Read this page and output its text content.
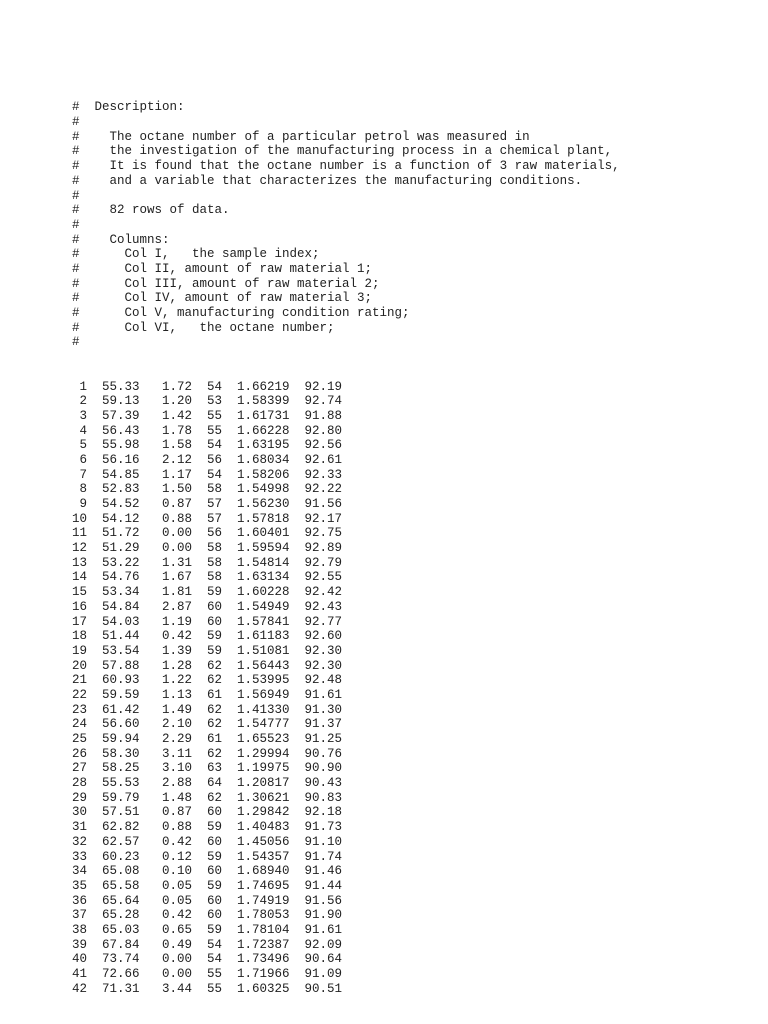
#  Description:
#
#    The octane number of a particular petrol was measured in
#    the investigation of the manufacturing process in a chemical plant,
#    It is found that the octane number is a function of 3 raw materials,
#    and a variable that characterizes the manufacturing conditions.
#
#    82 rows of data.
#
#    Columns:
#      Col I,   the sample index;
#      Col II, amount of raw material 1;
#      Col III, amount of raw material 2;
#      Col IV, amount of raw material 3;
#      Col V, manufacturing condition rating;
#      Col VI,   the octane number;
#

1  55.33   1.72  54  1.66219  92.19
2  59.13   1.20  53  1.58399  92.74
3  57.39   1.42  55  1.61731  91.88
4  56.43   1.78  55  1.66228  92.80
5  55.98   1.58  54  1.63195  92.56
6  56.16   2.12  56  1.68034  92.61
7  54.85   1.17  54  1.58206  92.33
8  52.83   1.50  58  1.54998  92.22
9  54.52   0.87  57  1.56230  91.56
10  54.12   0.88  57  1.57818  92.17
11  51.72   0.00  56  1.60401  92.75
12  51.29   0.00  58  1.59594  92.89
13  53.22   1.31  58  1.54814  92.79
14  54.76   1.67  58  1.63134  92.55
15  53.34   1.81  59  1.60228  92.42
16  54.84   2.87  60  1.54949  92.43
17  54.03   1.19  60  1.57841  92.77
18  51.44   0.42  59  1.61183  92.60
19  53.54   1.39  59  1.51081  92.30
20  57.88   1.28  62  1.56443  92.30
21  60.93   1.22  62  1.53995  92.48
22  59.59   1.13  61  1.56949  91.61
23  61.42   1.49  62  1.41330  91.30
24  56.60   2.10  62  1.54777  91.37
25  59.94   2.29  61  1.65523  91.25
26  58.30   3.11  62  1.29994  90.76
27  58.25   3.10  63  1.19975  90.90
28  55.53   2.88  64  1.20817  90.43
29  59.79   1.48  62  1.30621  90.83
30  57.51   0.87  60  1.29842  92.18
31  62.82   0.88  59  1.40483  91.73
32  62.57   0.42  60  1.45056  91.10
33  60.23   0.12  59  1.54357  91.74
34  65.08   0.10  60  1.68940  91.46
35  65.58   0.05  59  1.74695  91.44
36  65.64   0.05  60  1.74919  91.56
37  65.28   0.42  60  1.78053  91.90
38  65.03   0.65  59  1.78104  91.61
39  67.84   0.49  54  1.72387  92.09
40  73.74   0.00  54  1.73496  90.64
41  72.66   0.00  55  1.71966  91.09
42  71.31   3.44  55  1.60325  90.51
